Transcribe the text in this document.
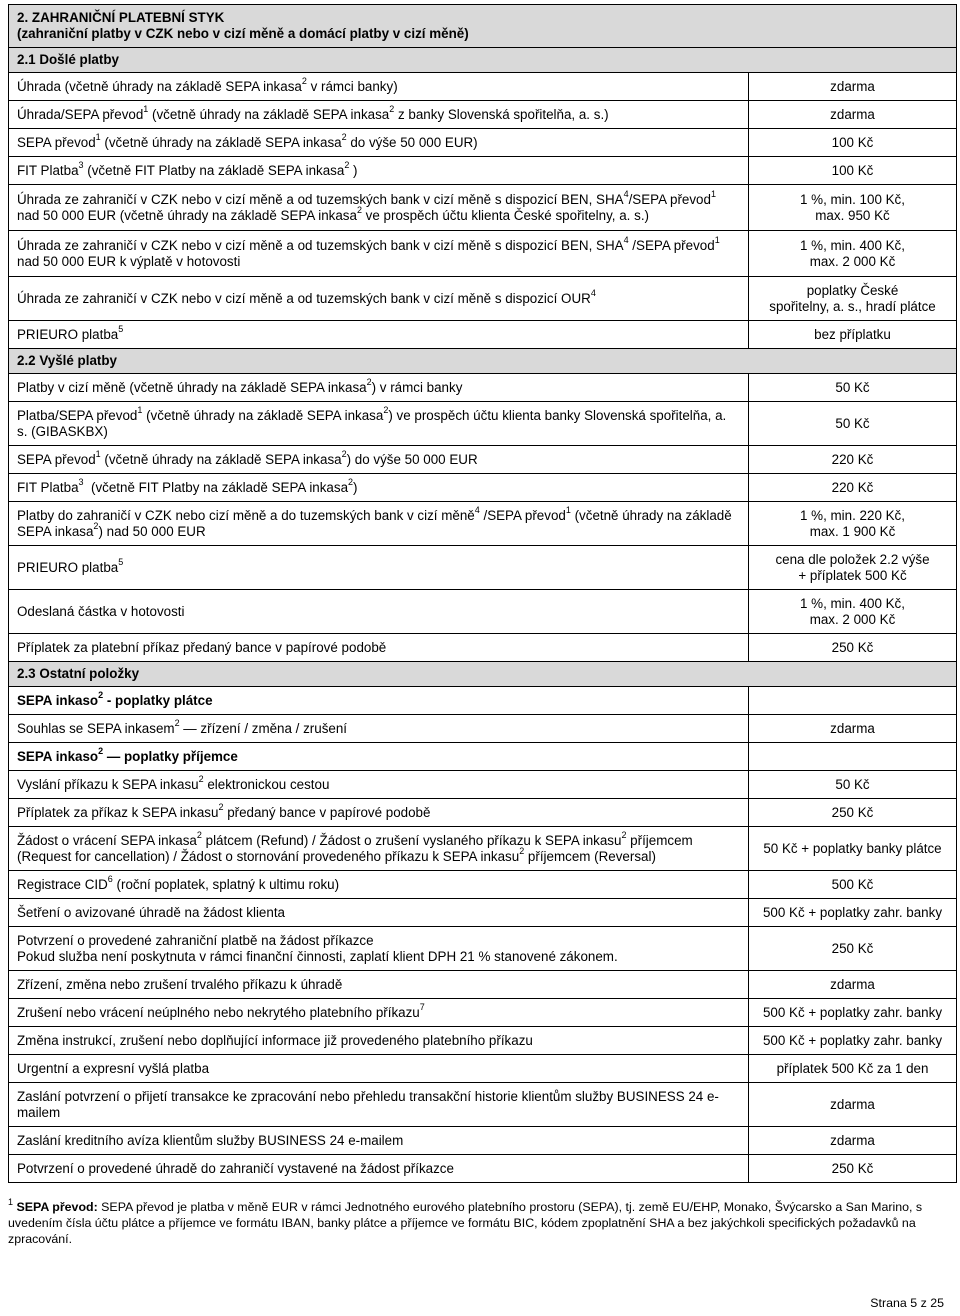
2. ZAHRANIČNÍ PLATEBNÍ STYK
(zahraniční platby v CZK nebo v cizí měně a domácí platby v cizí měně)	

2.1 Došlé platby	
Úhrada (včetně úhrady na základě SEPA inkasa$^2$ v rámci banky)	zdarma
Úhrada/SEPA převod$^1$ (včetně úhrady na základě SEPA inkasa$^2$ z banky Slovenská spořitelňa, a. s.)	zdarma
SEPA převod$^1$ (včetně úhrady na základě SEPA inkasa$^2$ do výše 50 000 EUR)	100 Kč
FIT Platba$^3$ (včetně FIT Platby na základě SEPA inkasa$^2$ )	100 Kč
Úhrada ze zahraničí v CZK nebo v cizí měně a od tuzemských bank v cizí měně s dispozicí BEN, SHA$^4$/SEPA převod$^1$ nad 50 000 EUR (včetně úhrady na základě SEPA inkasa$^2$ ve prospěch účtu klienta České spořitelny, a. s.)	1 %, min. 100 Kč,
max. 950 Kč
Úhrada ze zahraničí v CZK nebo v cizí měně a od tuzemských bank v cizí měně s dispozicí BEN, SHA$^4$ /SEPA převod$^1$  nad 50 000 EUR k výplatě v hotovosti	1 %, min. 400 Kč,
max. 2 000 Kč
Úhrada ze zahraničí v CZK nebo v cizí měně a od tuzemských bank v cizí měně s dispozicí OUR$^4$	poplatky České
spořitelny, a. s., hradí plátce
PRIEURO platba$^5$	bez příplatku
2.2 Vyšlé platby	
Platby v cizí měně (včetně úhrady na základě SEPA inkasa$^2$) v rámci banky	50 Kč
Platba/SEPA převod$^1$ (včetně úhrady na základě SEPA inkasa$^2$) ve prospěch účtu klienta banky Slovenská spořitelňa, a. s. (GIBASKBX)	50 Kč
SEPA převod$^1$ (včetně úhrady na základě SEPA inkasa$^2$) do výše 50 000 EUR	220 Kč
FIT Platba$^3$  (včetně FIT Platby na základě SEPA inkasa$^2$)	220 Kč
Platby do zahraničí v CZK nebo cizí měně a do tuzemských bank v cizí měně$^4$ /SEPA převod$^1$ (včetně úhrady na základě SEPA inkasa$^2$) nad 50 000 EUR	1 %, min. 220 Kč,
max. 1 900 Kč
PRIEURO platba$^5$	cena dle položek 2.2 výše
+ příplatek 500 Kč
Odeslaná částka v hotovosti	1 %, min. 400 Kč,
max. 2 000 Kč
Příplatek za platební příkaz předaný bance v papírové podobě	250 Kč
2.3 Ostatní položky	
SEPA inkaso$^2$ - poplatky plátce	
Souhlas se SEPA inkasem$^2$ — zřízení / změna / zrušení	zdarma
SEPA inkaso$^2$ — poplatky příjemce	
Vyslání příkazu k SEPA inkasu$^2$ elektronickou cestou	50 Kč
Příplatek za příkaz k SEPA inkasu$^2$ předaný bance v papírové podobě	250 Kč
Žádost o vrácení SEPA inkasa$^2$ plátcem (Refund) / Žádost o zrušení vyslaného příkazu k SEPA inkasu$^2$ příjemcem (Request for cancellation) / Žádost o stornování provedeného příkazu k SEPA inkasu$^2$ příjemcem (Reversal)	50 Kč + poplatky banky plátce
Registrace CID$^6$ (roční poplatek, splatný k ultimu roku)	500 Kč
Šetření o avizované úhradě na žádost klienta	500 Kč + poplatky zahr. banky
Potvrzení o provedené zahraniční platbě na žádost příkazce
Pokud služba není poskytnuta v rámci finanční činnosti, zaplatí klient DPH 21 % stanovené zákonem.	250 Kč
Zřízení, změna nebo zrušení trvalého příkazu k úhradě	zdarma
Zrušení nebo vrácení neúplného nebo nekrytého platebního příkazu$^7$	500 Kč + poplatky zahr. banky
Změna instrukcí, zrušení nebo doplňující informace již provedeného platebního příkazu	500 Kč + poplatky zahr. banky
Urgentní a expresní vyšlá platba	příplatek 500 Kč za 1 den
Zaslání potvrzení o přijetí transakce ke zpracování nebo přehledu transakční historie klientům služby BUSINESS 24 e-mailem	zdarma
Zaslání kreditního avíza klientům služby BUSINESS 24 e-mailem	zdarma
Potvrzení o provedené úhradě do zahraničí vystavené na žádost příkazce	250 Kč
$^1$ SEPA převod: SEPA převod je platba v měně EUR v rámci Jednotného eurového platebního prostoru (SEPA), tj. země EU/EHP, Monako, Švýcarsko a San Marino, s uvedením čísla účtu plátce a příjemce ve formátu IBAN, banky plátce a příjemce ve formátu BIC, kódem zpoplatnění SHA a bez jakýchkoli specifických požadavků na zpracování.
Strana 5 z 25
